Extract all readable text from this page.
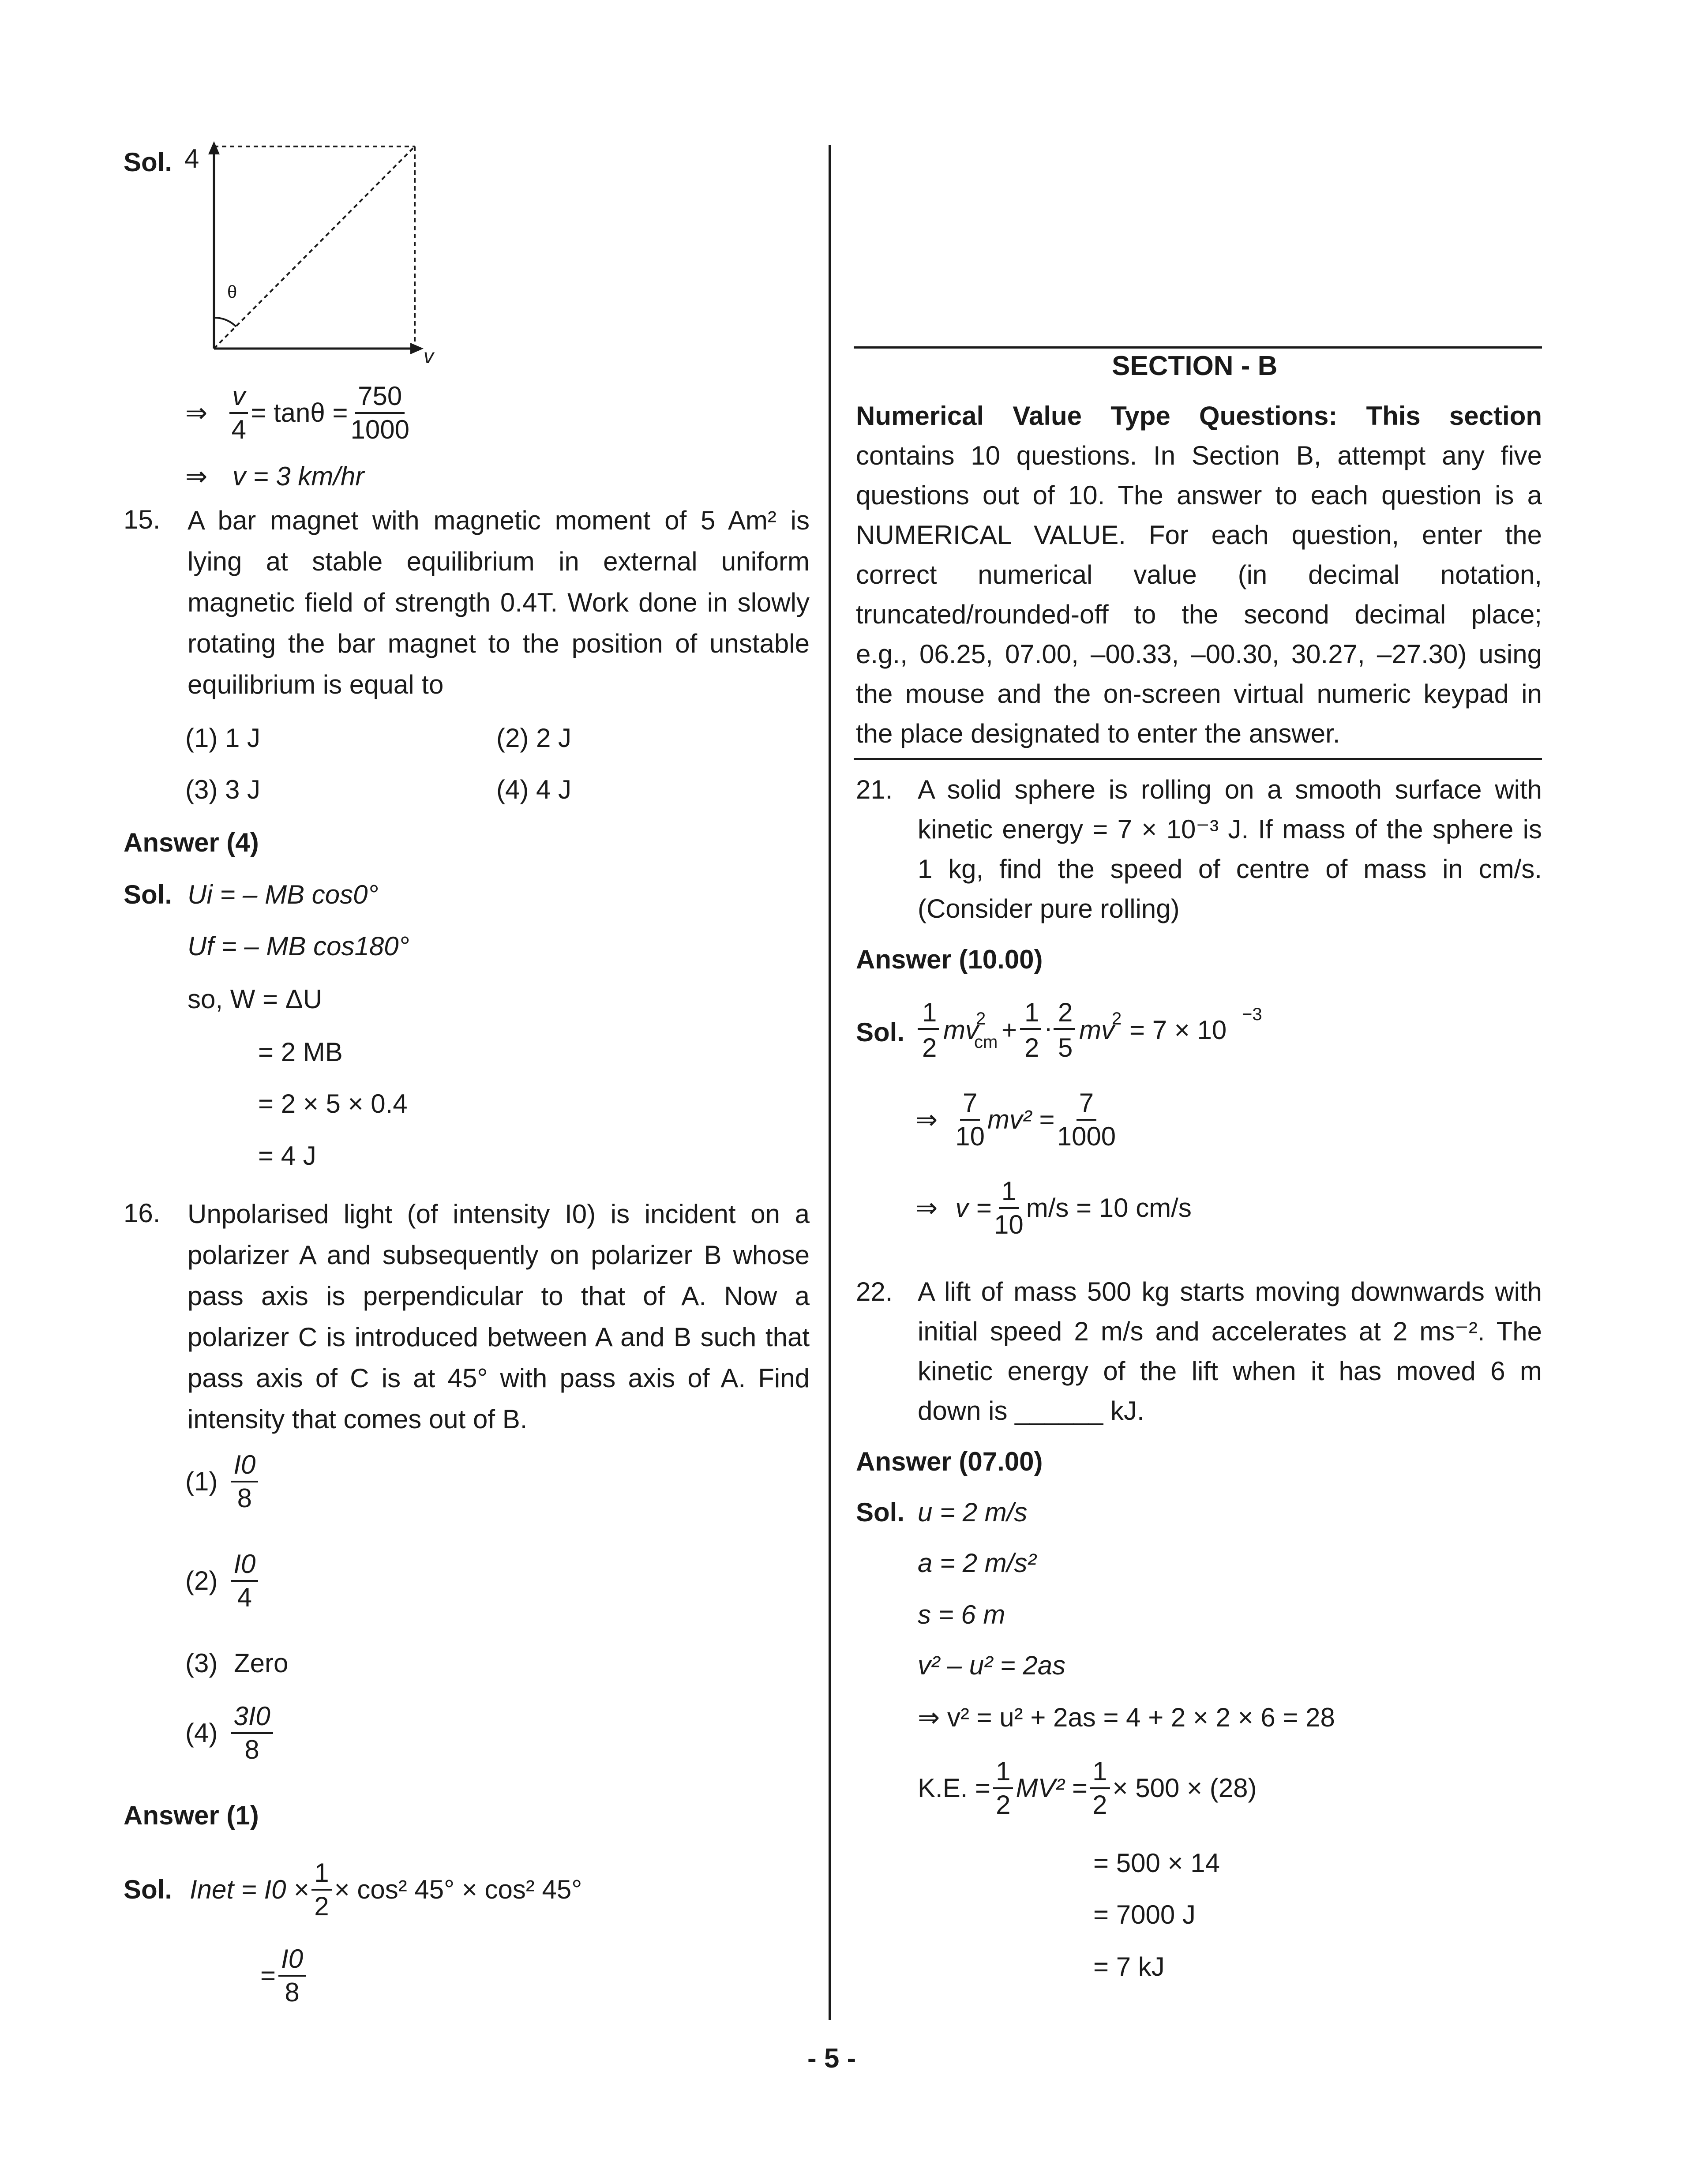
Sol. 4
θ
v
⇒ $\frac{v}{4} = \tan\theta = \frac{750}{1000}$
⇒ v = 3 km/hr
15. A bar magnet with magnetic moment of 5 Am² is
lying at stable equilibrium in external uniform
magnetic field of strength 0.4T. Work done in slowly
rotating the bar magnet to the position of unstable
equilibrium is equal to
(1) 1 J	(2) 2 J
(3) 3 J	(4) 4 J
Answer (4)
Sol. Ui = – MB cos0°
Uf = – MB cos180°
so, W = ΔU
= 2 MB
= 2 × 5 × 0.4
= 4 J
16. Unpolarised light (of intensity I0) is incident on a
polarizer A and subsequently on polarizer B whose
pass axis is perpendicular to that of A. Now a
polarizer C is introduced between A and B such that
pass axis of C is at 45° with pass axis of A. Find
intensity that comes out of B.
$(1) \frac{I0}{8}$
$(2) \frac{I0}{4}$
(3) Zero
$(4) \frac{3I0}{8}$
Answer (1)
Sol. Inet = $I0 \times \frac{1}{2} \times \cos^2$ 45° × cos² 45°
= $\frac{I0}{8}$
SECTION - B
Numerical Value Type Questions: This section
contains 10 questions. In Section B, attempt any five
questions out of 10. The answer to each question is a
NUMERICAL VALUE. For each question, enter the
correct numerical value (in decimal notation,
truncated/rounded-off to the second decimal place;
e.g., 06.25, 07.00, –00.33, –00.30, 30.27, –27.30) using
the mouse and the on-screen virtual numeric keypad in
the place designated to enter the answer.
21. A solid sphere is rolling on a smooth surface with
kinetic energy = 7 × 10⁻³ J. If mass of the sphere is
1 kg, find the speed of centre of mass in cm/s.
(Consider pure rolling)
Answer (10.00)
Sol.
1
2
mv
2
cm +
1
2
·
2
5
mv
2 = 7 × 10
−3
⇒ $\frac{7}{10} mv^2 = \frac{7}{1000}$
⇒ $v = \frac{1}{10} m/s = 10$ cm/s
22. A lift of mass 500 kg starts moving downwards with
initial speed 2 m/s and accelerates at 2 ms⁻². The
kinetic energy of the lift when it has moved 6 m
down is ______ kJ.
Answer (07.00)
Sol. u = 2 m/s
a = 2 m/s²
s = 6 m
v² – u² = 2as
⇒ v² = u² + 2as = 4 + 2 × 2 × 6 = 28
K.E. = $\frac{1}{2} MV^2 = \frac{1}{2} \times 500 \times (28)$
= 500 × 14
= 7000 J
= 7 kJ
- 5 -
